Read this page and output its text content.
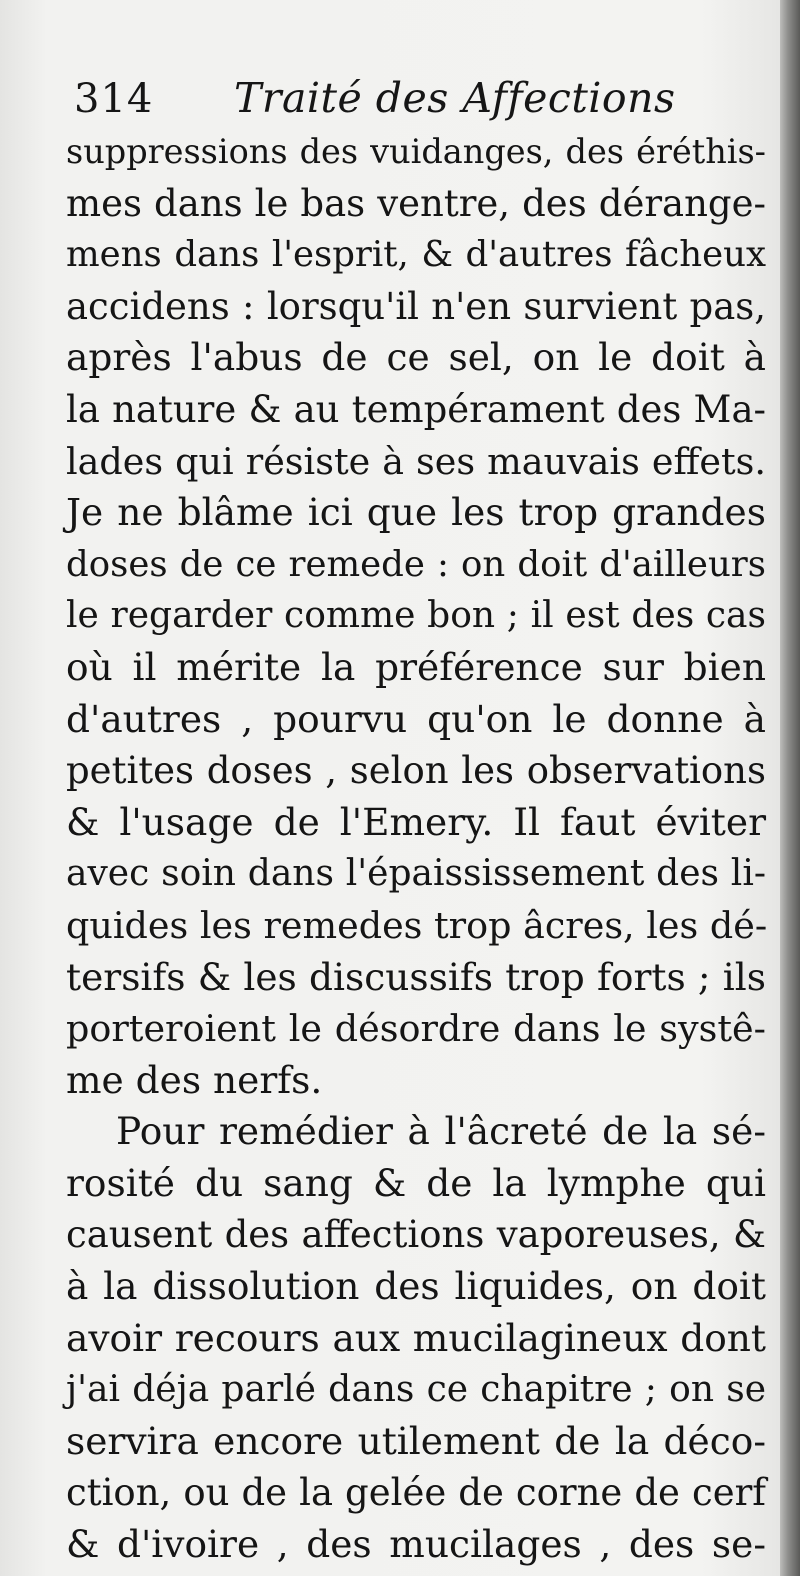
314 Traité des Affections
suppressions des vuidanges, des éréthis-
mes dans le bas ventre, des dérange-
mens dans l'esprit, & d'autres fâcheux
accidens : lorsqu'il n'en survient pas,
après l'abus de ce sel, on le doit à
la nature & au tempérament des Ma-
lades qui résiste à ses mauvais effets.
Je ne blâme ici que les trop grandes
doses de ce remede : on doit d'ailleurs
le regarder comme bon ; il est des cas
où il mérite la préférence sur bien
d'autres , pourvu qu'on le donne à
petites doses , selon les observations
& l'usage de l'Emery. Il faut éviter
avec soin dans l'épaississement des li-
quides les remedes trop âcres, les dé-
tersifs & les discussifs trop forts ; ils
porteroient le désordre dans le systê-
me des nerfs.
Pour remédier à l'âcreté de la sé-
rosité du sang & de la lymphe qui
causent des affections vaporeuses, &
à la dissolution des liquides, on doit
avoir recours aux mucilagineux dont
j'ai déja parlé dans ce chapitre ; on se
servira encore utilement de la déco-
ction, ou de la gelée de corne de cerf
& d'ivoire , des mucilages , des se-
